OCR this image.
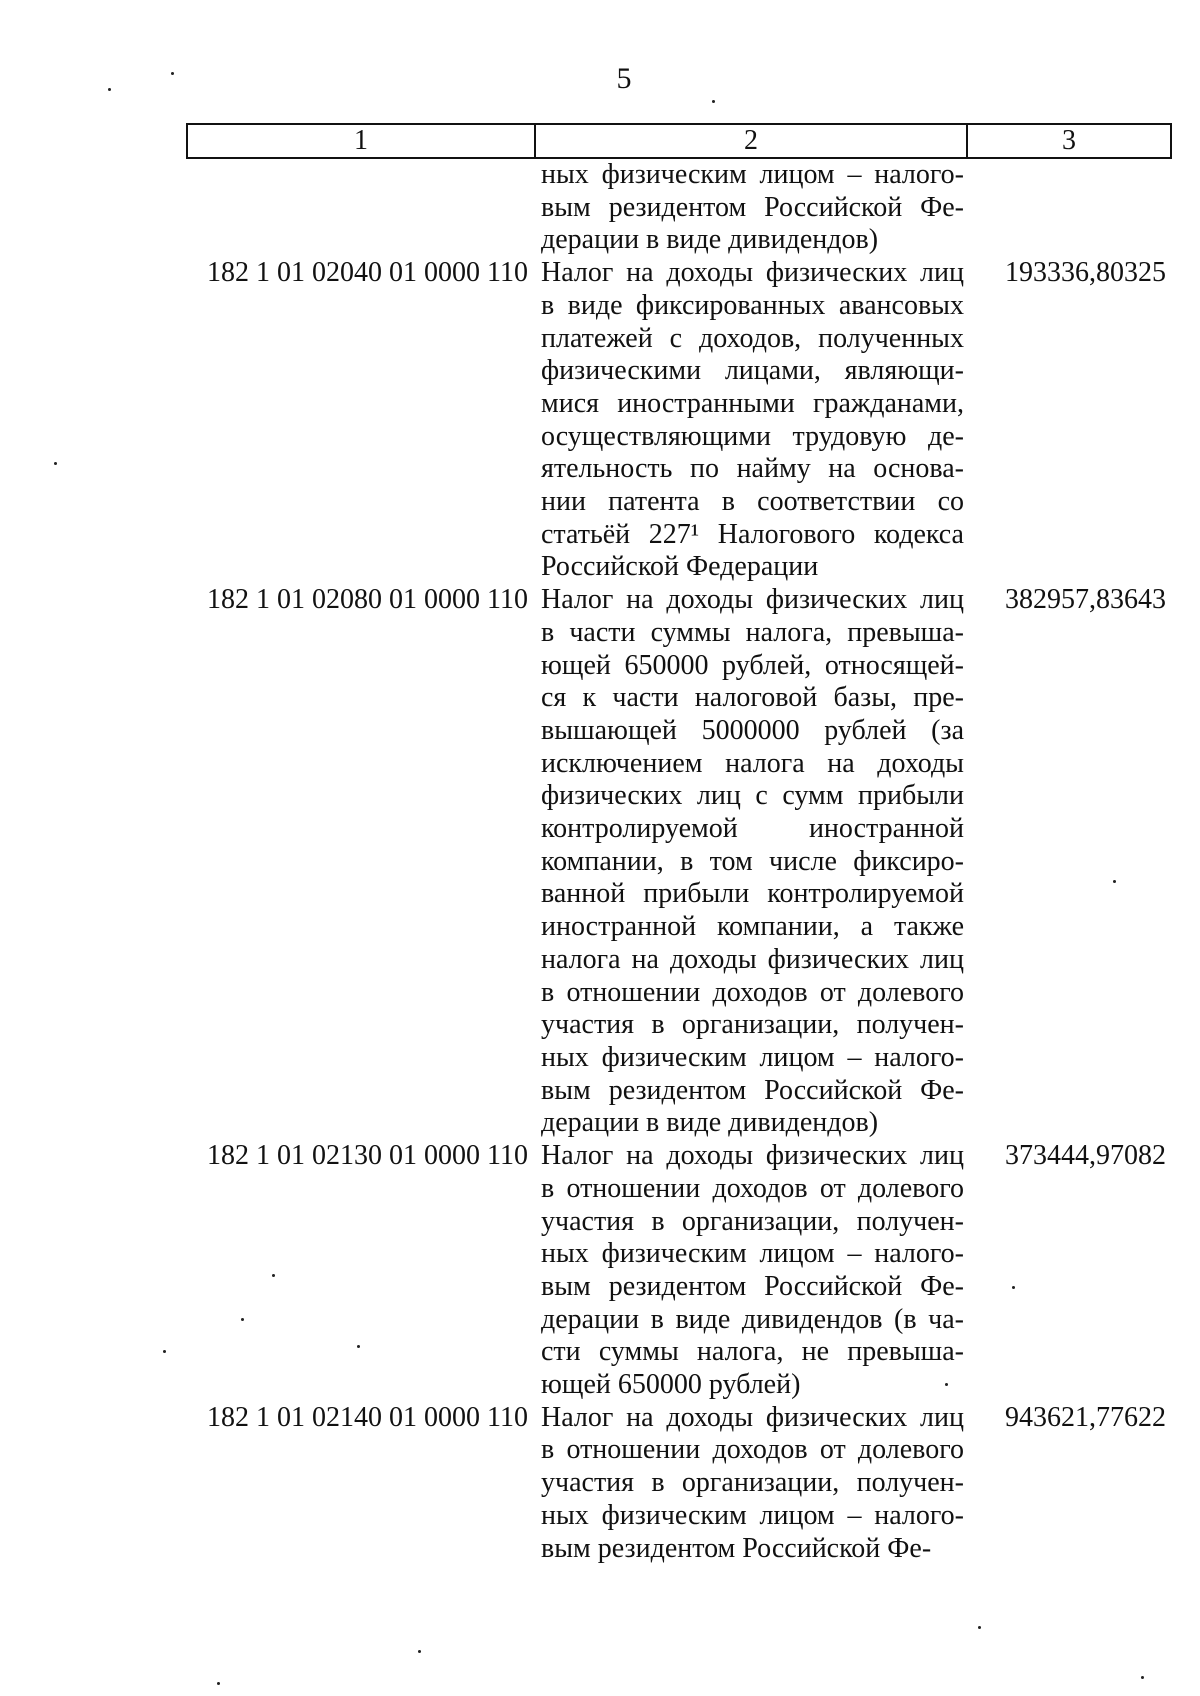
5
1	2	3
ных физическим лицом – налого-
вым резидентом Российской Фе-
дерации в виде дивидендов)
182 1 01 02040 01 0000 110 Налог на доходы физических лиц
в виде фиксированных авансовых
платежей с доходов, полученных
физическими лицами, являющи-
мися иностранными гражданами,
осуществляющими трудовую де-
ятельность по найму на основа-
нии патента в соответствии со
статьёй 227¹ Налогового кодекса
Российской Федерации
193336,80325
182 1 01 02080 01 0000 110 Налог на доходы физических лиц
в части суммы налога, превыша-
ющей 650000 рублей, относящей-
ся к части налоговой базы, пре-
вышающей 5000000 рублей (за
исключением налога на доходы
физических лиц с сумм прибыли
контролируемой иностранной
компании, в том числе фиксиро-
ванной прибыли контролируемой
иностранной компании, а также
налога на доходы физических лиц
в отношении доходов от долевого
участия в организации, получен-
ных физическим лицом – налого-
вым резидентом Российской Фе-
дерации в виде дивидендов)
382957,83643
182 1 01 02130 01 0000 110 Налог на доходы физических лиц
в отношении доходов от долевого
участия в организации, получен-
ных физическим лицом – налого-
вым резидентом Российской Фе-
дерации в виде дивидендов (в ча-
сти суммы налога, не превыша-
ющей 650000 рублей)
373444,97082
182 1 01 02140 01 0000 110 Налог на доходы физических лиц
в отношении доходов от долевого
участия в организации, получен-
ных физическим лицом – налого-
вым резидентом Российской Фе-
943621,77622
